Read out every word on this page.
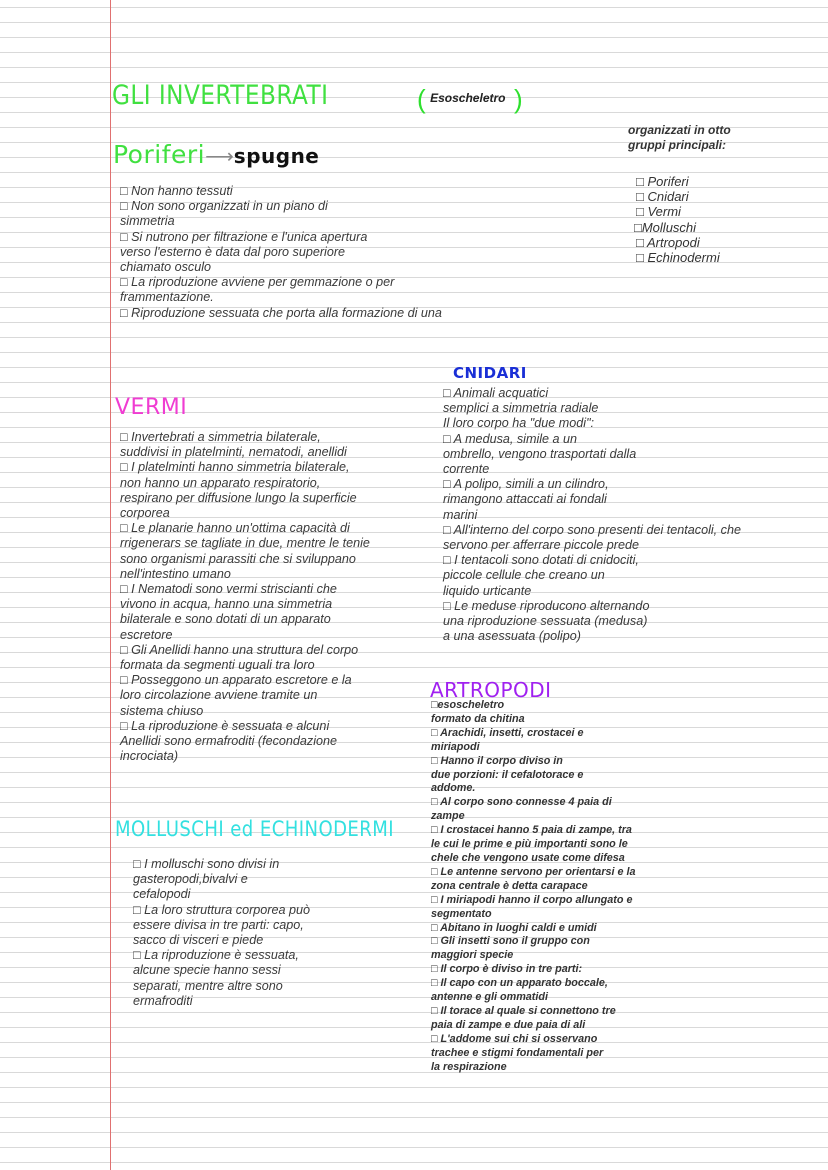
GLI INVERTEBRATI	( $^{Esoscheletro}$ )
organizzati in otto
gruppi principali:
□ Poriferi
□ Cnidari
□ Vermi
□Molluschi
□ Artropodi
□ Echinodermi
Poriferi⟶spugne
□ Non hanno tessuti
□ Non sono organizzati in un piano di
simmetria
□ Si nutrono per filtrazione e l'unica apertura
verso l'esterno è data dal poro superiore
chiamato osculo
□ La riproduzione avviene per gemmazione o per
frammentazione.
□ Riproduzione sessuata che porta alla formazione di una
CNIDARI
□ Animali acquatici
semplici a simmetria radiale
Il loro corpo ha "due modi":
□ A medusa, simile a un
ombrello, vengono trasportati dalla
corrente
□ A polipo, simili a un cilindro,
rimangono attaccati ai fondali
marini
□ All'interno del corpo sono presenti dei tentacoli, che
servono per afferrare piccole prede
□ I tentacoli sono dotati di cnidociti,
piccole cellule che creano un
liquido urticante
□ Le meduse riproducono alternando
una riproduzione sessuata (medusa)
a una asessuata (polipo)
VERMI
□ Invertebrati a simmetria bilaterale,
suddivisi in platelminti, nematodi, anellidi
□ I platelminti hanno simmetria bilaterale,
non hanno un apparato respiratorio,
respirano per diffusione lungo la superficie
corporea
□ Le planarie hanno un'ottima capacità di
rrigenerars se tagliate in due, mentre le tenie
sono organismi parassiti che si sviluppano
nell'intestino umano
□ I Nematodi sono vermi striscianti che
vivono in acqua, hanno una simmetria
bilaterale e sono dotati di un apparato
escretore
□ Gli Anellidi hanno una struttura del corpo
formata da segmenti uguali tra loro
□ Posseggono un apparato escretore e la
loro circolazione avviene tramite un
sistema chiuso
□ La riproduzione è sessuata e alcuni
Anellidi sono ermafroditi (fecondazione
incrociata)
ARTROPODI
□esoscheletro
formato da chitina
□ Arachidi, insetti, crostacei e
miriapodi
□ Hanno il corpo diviso in
due porzioni: il cefalotorace e
addome.
□ Al corpo sono connesse 4 paia di
zampe
□ I crostacei hanno 5 paia di zampe, tra
le cui le prime e più importanti sono le
chele che vengono usate come difesa
□ Le antenne servono per orientarsi e la
zona centrale è detta carapace
□ I miriapodi hanno il corpo allungato e
segmentato
□ Abitano in luoghi caldi e umidi
□ Gli insetti sono il gruppo con
maggiori specie
□ Il corpo è diviso in tre parti:
□ Il capo con un apparato boccale,
antenne e gli ommatidi
□ Il torace al quale si connettono tre
paia di zampe e due paia di ali
□ L'addome sui chi si osservano
trachee e stigmi fondamentali per
la respirazione
MOLLUSCHI ed ECHINODERMI
□ I molluschi sono divisi in
gasteropodi,bivalvi e
cefalopodi
□ La loro struttura corporea può
essere divisa in tre parti: capo,
sacco di visceri e piede
□ La riproduzione è sessuata,
alcune specie hanno sessi
separati, mentre altre sono
ermafroditi
